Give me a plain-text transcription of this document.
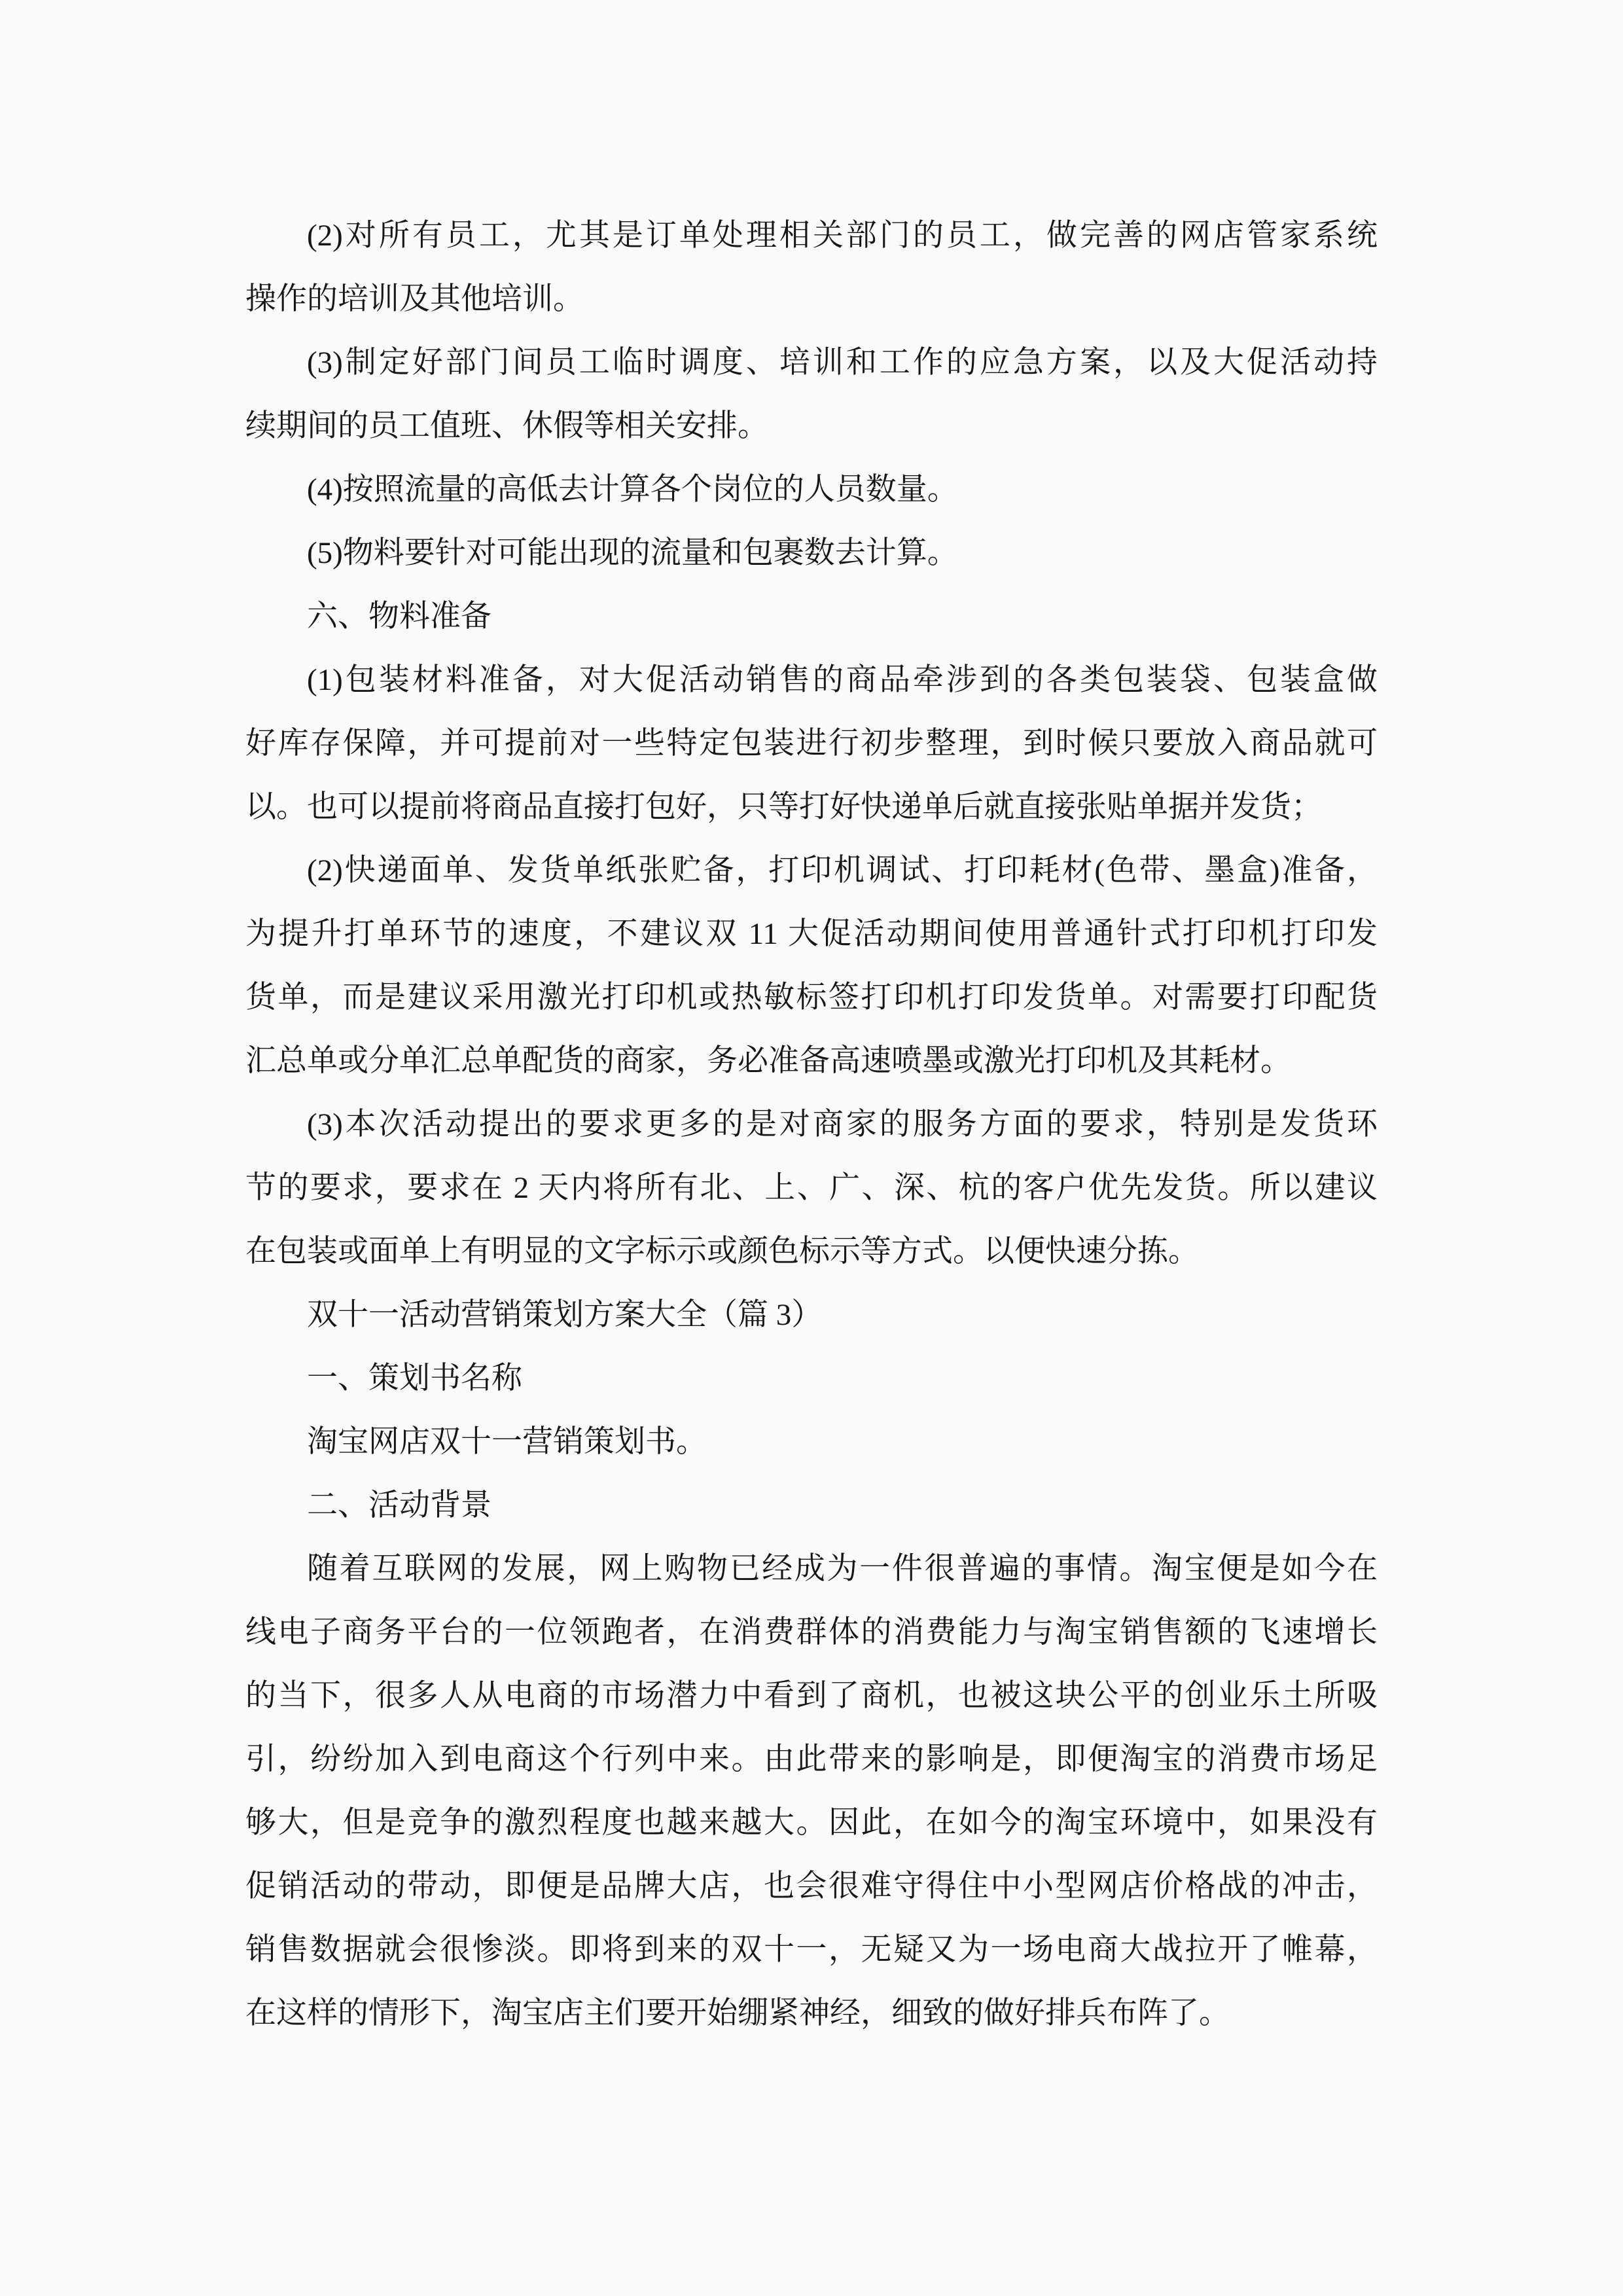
(2)对所有员工，尤其是订单处理相关部门的员工，做完善的网店管家系统
操作的培训及其他培训。
(3)制定好部门间员工临时调度、培训和工作的应急方案，以及大促活动持
续期间的员工值班、休假等相关安排。
(4)按照流量的高低去计算各个岗位的人员数量。
(5)物料要针对可能出现的流量和包裹数去计算。
六、物料准备
(1)包装材料准备，对大促活动销售的商品牵涉到的各类包装袋、包装盒做
好库存保障，并可提前对一些特定包装进行初步整理，到时候只要放入商品就可
以。也可以提前将商品直接打包好，只等打好快递单后就直接张贴单据并发货；
(2)快递面单、发货单纸张贮备，打印机调试、打印耗材(色带、墨盒)准备，
为提升打单环节的速度，不建议双 11 大促活动期间使用普通针式打印机打印发
货单，而是建议采用激光打印机或热敏标签打印机打印发货单。对需要打印配货
汇总单或分单汇总单配货的商家，务必准备高速喷墨或激光打印机及其耗材。
(3)本次活动提出的要求更多的是对商家的服务方面的要求，特别是发货环
节的要求，要求在 2 天内将所有北、上、广、深、杭的客户优先发货。所以建议
在包装或面单上有明显的文字标示或颜色标示等方式。以便快速分拣。
双十一活动营销策划方案大全（篇 3）
一、策划书名称
淘宝网店双十一营销策划书。
二、活动背景
随着互联网的发展，网上购物已经成为一件很普遍的事情。淘宝便是如今在
线电子商务平台的一位领跑者，在消费群体的消费能力与淘宝销售额的飞速增长
的当下，很多人从电商的市场潜力中看到了商机，也被这块公平的创业乐土所吸
引，纷纷加入到电商这个行列中来。由此带来的影响是，即便淘宝的消费市场足
够大，但是竞争的激烈程度也越来越大。因此，在如今的淘宝环境中，如果没有
促销活动的带动，即便是品牌大店，也会很难守得住中小型网店价格战的冲击，
销售数据就会很惨淡。即将到来的双十一，无疑又为一场电商大战拉开了帷幕，
在这样的情形下，淘宝店主们要开始绷紧神经，细致的做好排兵布阵了。
